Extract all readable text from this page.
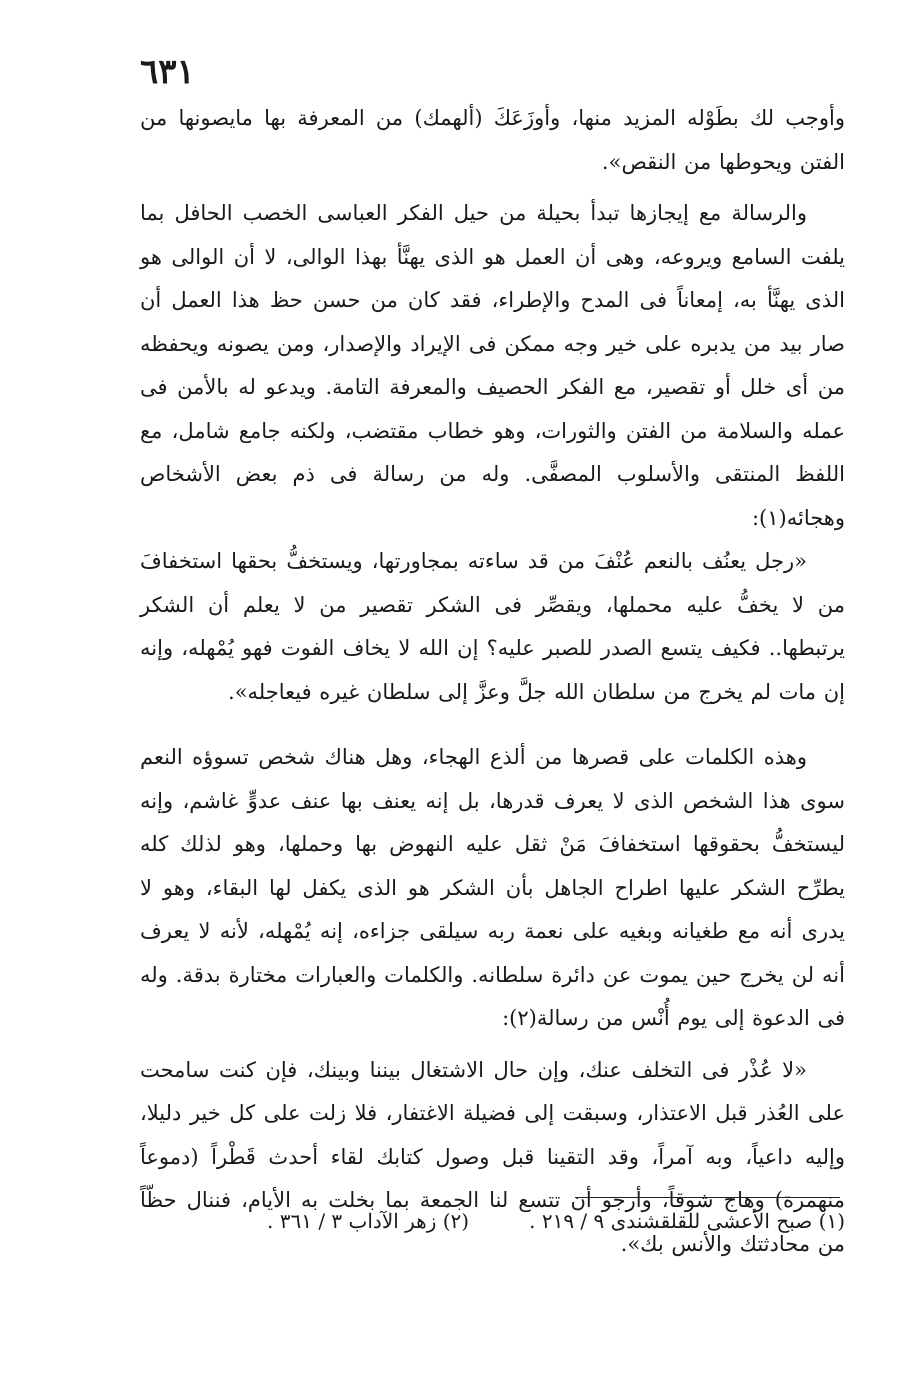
٦٣١

وأوجب لك بطَوْله المزيد منها، وأوزَعَكَ (ألهمك) من المعرفة بها مايصونها من الفتن ويحوطها من النقص».

والرسالة مع إيجازها تبدأ بحيلة من حيل الفكر العباسى الخصب الحافل بما يلفت السامع ويروعه، وهى أن العمل هو الذى يهنَّأ بهذا الوالى، لا أن الوالى هو الذى يهنَّأ به، إمعاناً فى المدح والإطراء، فقد كان من حسن حظ هذا العمل أن صار بيد من يدبره على خير وجه ممكن فى الإيراد والإصدار، ومن يصونه ويحفظه من أى خلل أو تقصير، مع الفكر الحصيف والمعرفة التامة. ويدعو له بالأمن فى عمله والسلامة من الفتن والثورات، وهو خطاب مقتضب، ولكنه جامع شامل، مع اللفظ المنتقى والأسلوب المصفَّى. وله من رسالة فى ذم بعض الأشخاص وهجائه(١):

«رجل يعنُف بالنعم عُنْفَ من قد ساءته بمجاورتها، ويستخفُّ بحقها استخفافَ من لا يخفُّ عليه محملها، ويقصِّر فى الشكر تقصير من لا يعلم أن الشكر يرتبطها.. فكيف يتسع الصدر للصبر عليه؟ إن الله لا يخاف الفوت فهو يُمْهله، وإنه إن مات لم يخرج من سلطان الله جلَّ وعزَّ إلى سلطان غيره فيعاجله».

وهذه الكلمات على قصرها من ألذع الهجاء، وهل هناك شخص تسوؤه النعم سوى هذا الشخص الذى لا يعرف قدرها، بل إنه يعنف بها عنف عدوٍّ غاشم، وإنه ليستخفُّ بحقوقها استخفافَ مَنْ ثقل عليه النهوض بها وحملها، وهو لذلك كله يطرِّح الشكر عليها اطراح الجاهل بأن الشكر هو الذى يكفل لها البقاء، وهو لا يدرى أنه مع طغيانه وبغيه على نعمة ربه سيلقى جزاءه، إنه يُمْهله، لأنه لا يعرف أنه لن يخرج حين يموت عن دائرة سلطانه. والكلمات والعبارات مختارة بدقة. وله فى الدعوة إلى يوم أُنْس من رسالة(٢):

«لا عُذْر فى التخلف عنك، وإن حال الاشتغال بيننا وبينك، فإن كنت سامحت على العُذر قبل الاعتذار، وسبقت إلى فضيلة الاغتفار، فلا زلت على كل خير دليلا، وإليه داعياً، وبه آمراً، وقد التقينا قبل وصول كتابك لقاء أحدث قَطْراً (دموعاً منهمرة) وهاج شوقاً، وأرجو أن تتسع لنا الجمعة بما بخلت به الأيام، فننال حظّاً من محادثتك والأنس بك».

(١) صبح الأعشى للقلقشندى ٩ / ٢١٩ .
(٢) زهر الآداب ٣ / ٣٦١ .
